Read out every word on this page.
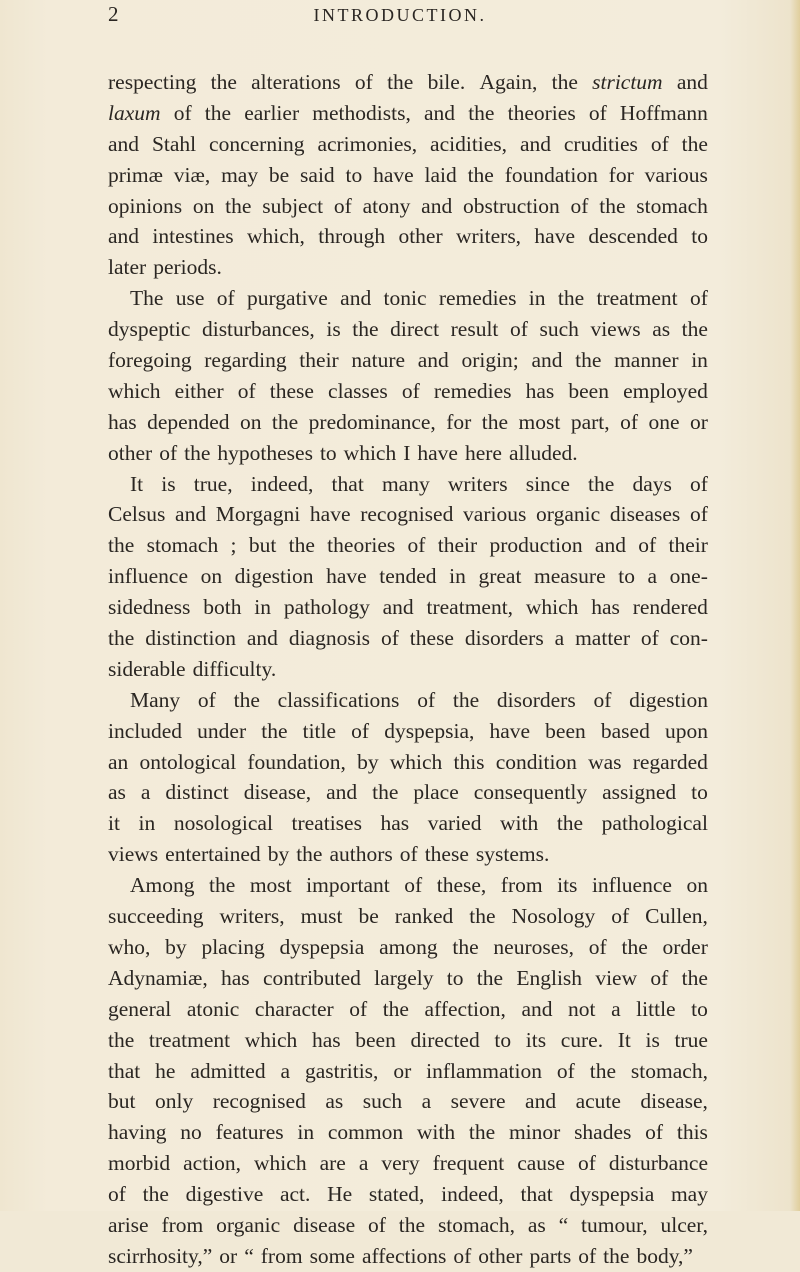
2	INTRODUCTION.
respecting the alterations of the bile. Again, the strictum and
laxum of the earlier methodists, and the theories of Hoffmann
and Stahl concerning acrimonies, acidities, and crudities of the
primæ viæ, may be said to have laid the foundation for various
opinions on the subject of atony and obstruction of the stomach
and intestines which, through other writers, have descended to
later periods.
The use of purgative and tonic remedies in the treatment of
dyspeptic disturbances, is the direct result of such views as the
foregoing regarding their nature and origin; and the manner in
which either of these classes of remedies has been employed
has depended on the predominance, for the most part, of one or
other of the hypotheses to which I have here alluded.
It is true, indeed, that many writers since the days of
Celsus and Morgagni have recognised various organic diseases of
the stomach ; but the theories of their production and of their
influence on digestion have tended in great measure to a one-
sidedness both in pathology and treatment, which has rendered
the distinction and diagnosis of these disorders a matter of con-
siderable difficulty.
Many of the classifications of the disorders of digestion
included under the title of dyspepsia, have been based upon
an ontological foundation, by which this condition was regarded
as a distinct disease, and the place consequently assigned to
it in nosological treatises has varied with the pathological
views entertained by the authors of these systems.
Among the most important of these, from its influence on
succeeding writers, must be ranked the Nosology of Cullen,
who, by placing dyspepsia among the neuroses, of the order
Adynamiæ, has contributed largely to the English view of the
general atonic character of the affection, and not a little to
the treatment which has been directed to its cure. It is true
that he admitted a gastritis, or inflammation of the stomach,
but only recognised as such a severe and acute disease,
having no features in common with the minor shades of this
morbid action, which are a very frequent cause of disturbance
of the digestive act. He stated, indeed, that dyspepsia may
arise from organic disease of the stomach, as “ tumour, ulcer,
scirrhosity,” or “ from some affections of other parts of the body,”
